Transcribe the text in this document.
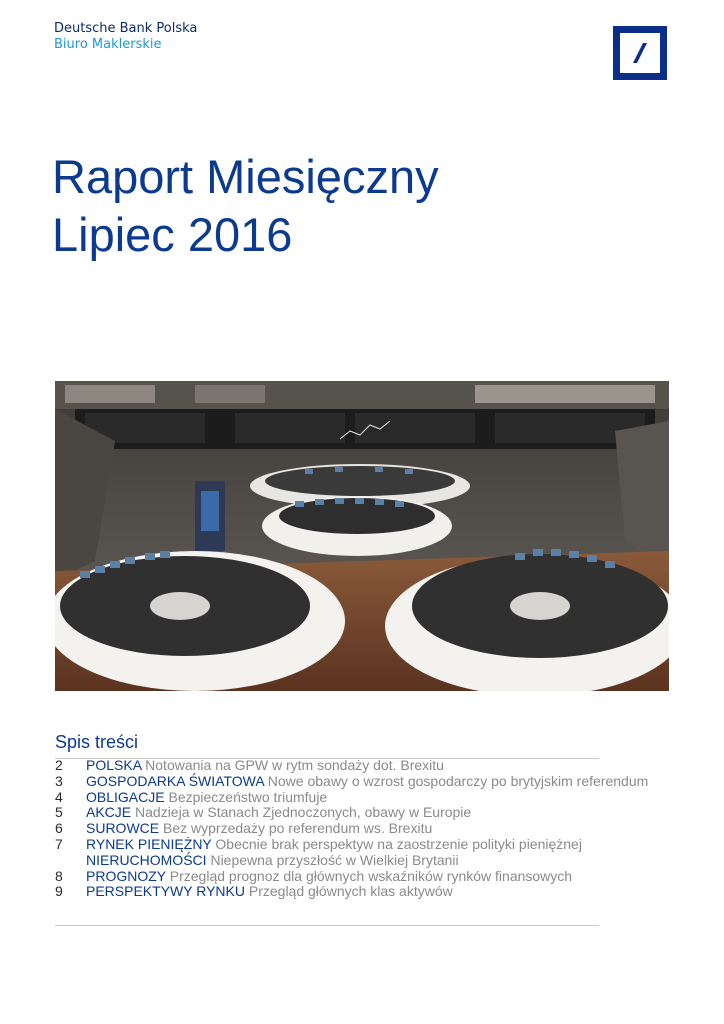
Deutsche Bank Polska
Biuro Maklerskie
Raport Miesięczny
Lipiec 2016
Spis treści
2 POLSKA Notowania na GPW w rytm sondaży dot. Brexitu
3 GOSPODARKA ŚWIATOWA Nowe obawy o wzrost gospodarczy po brytyjskim referendum
4 OBLIGACJE Bezpieczeństwo triumfuje
5 AKCJE Nadzieja w Stanach Zjednoczonych, obawy w Europie
6 SUROWCE Bez wyprzedaży po referendum ws. Brexitu
7 RYNEK PIENIĘŻNY Obecnie brak perspektyw na zaostrzenie polityki pieniężnej
NIERUCHOMOŚCI Niepewna przyszłość w Wielkiej Brytanii
8 PROGNOZY Przegląd prognoz dla głównych wskaźników rynków finansowych
9 PERSPEKTYWY RYNKU Przegląd głównych klas aktywów
